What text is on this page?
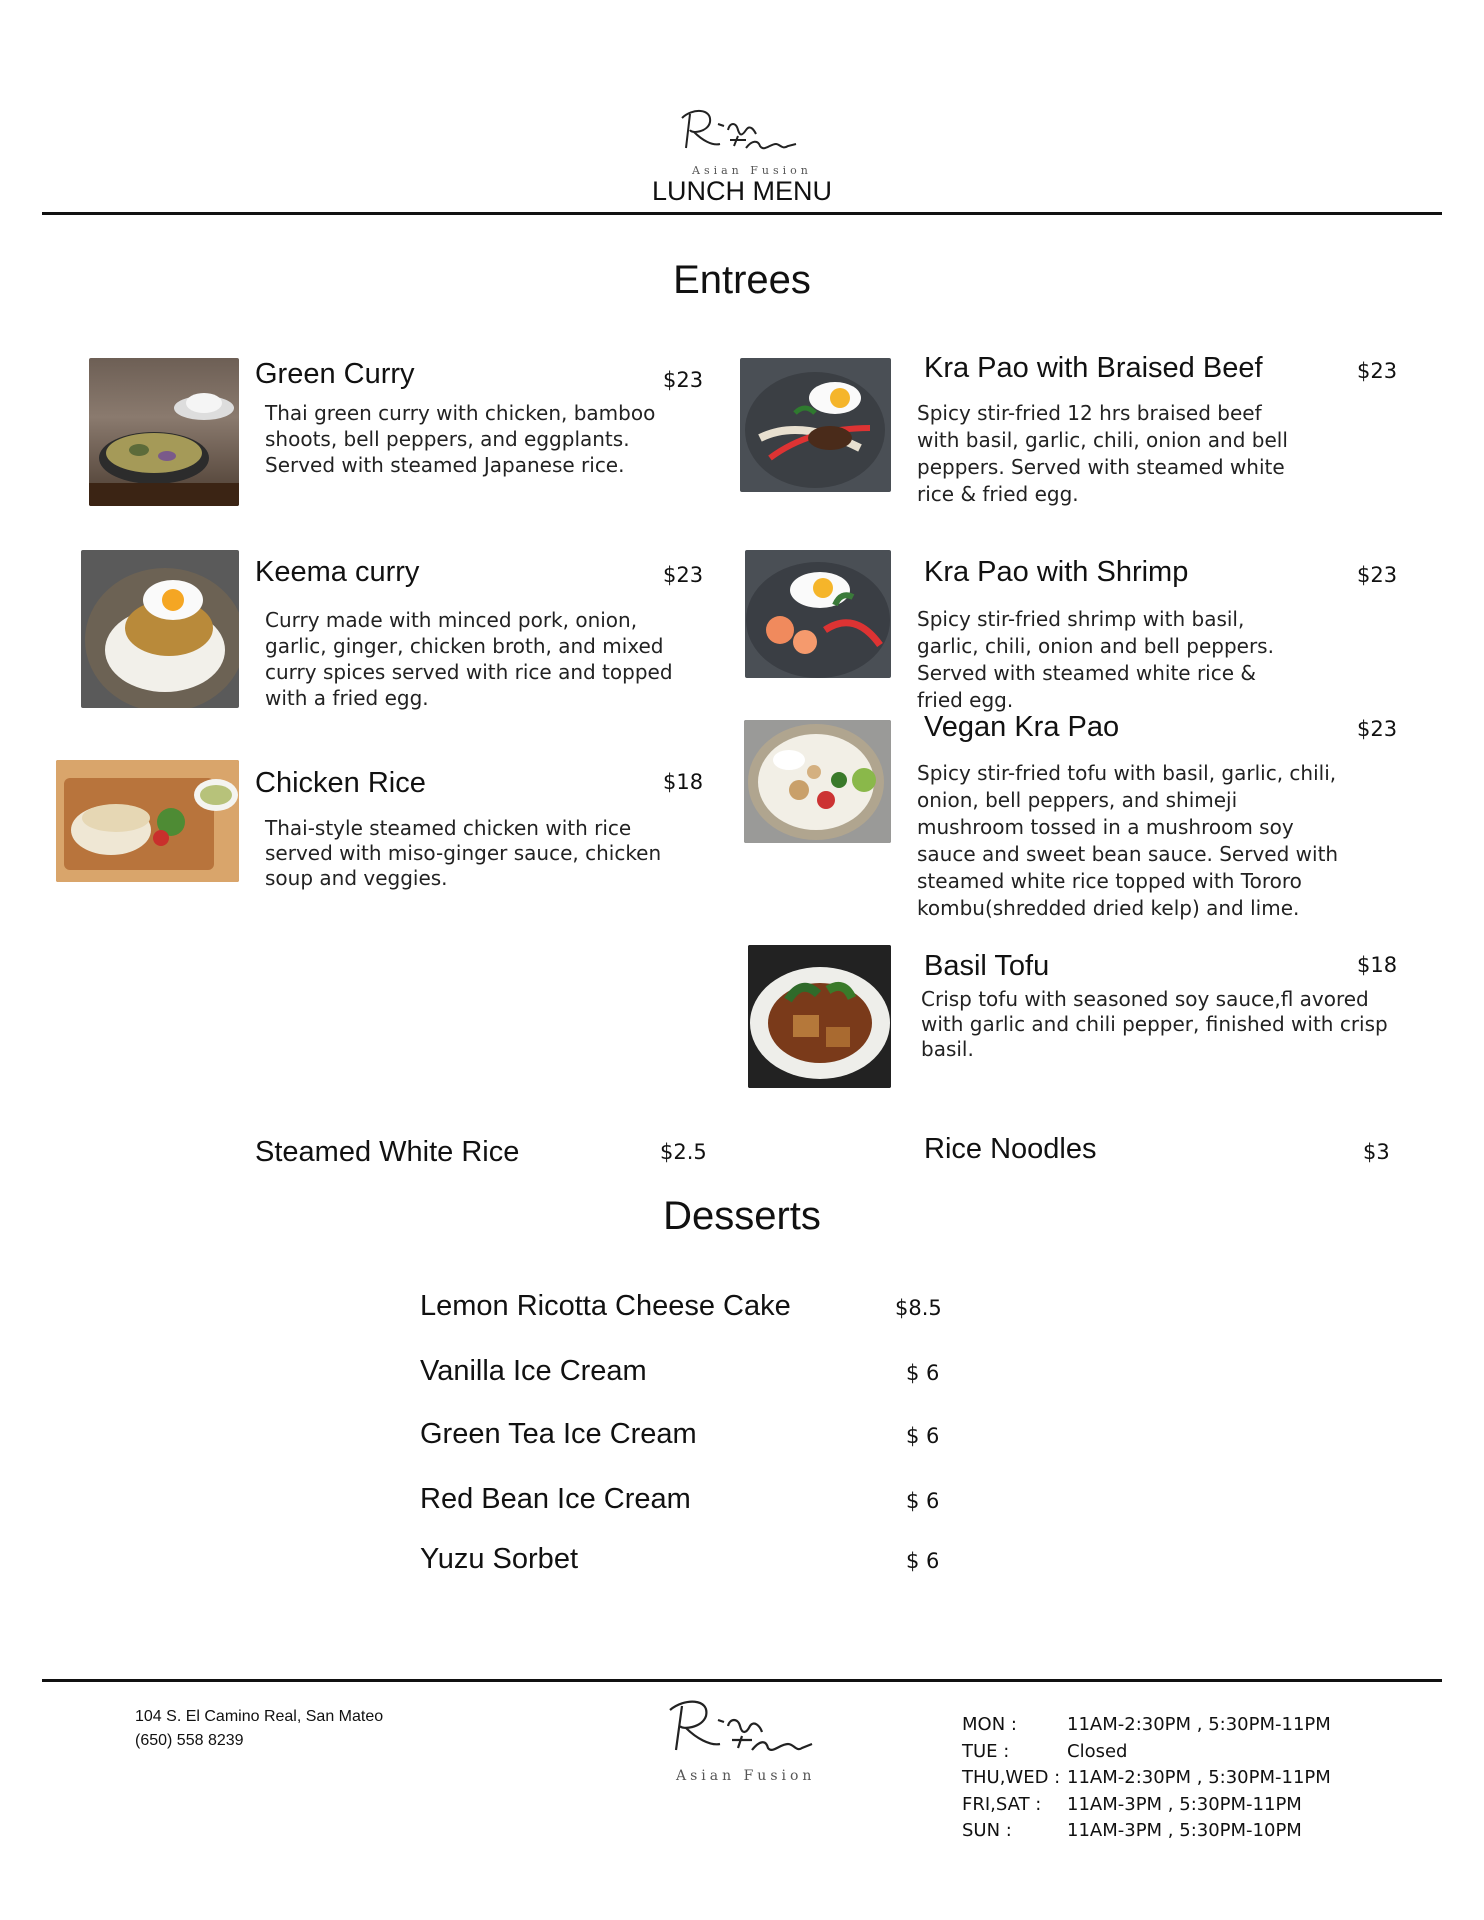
Asian Fusion
LUNCH MENU
Entrees
Green Curry	$23
Thai green curry with chicken, bamboo shoots, bell peppers, and eggplants. Served with steamed Japanese rice.
Keema curry	$23
Curry made with minced pork, onion, garlic, ginger, chicken broth, and mixed curry spices served with rice and topped with a fried egg.
Chicken Rice	$18
Thai-style steamed chicken with rice served with miso-ginger sauce, chicken soup and veggies.
Kra Pao with Braised Beef	$23
Spicy stir-fried 12 hrs braised beef with basil, garlic, chili, onion and bell peppers. Served with steamed white rice & fried egg.
Kra Pao with Shrimp	$23
Spicy stir-fried shrimp with basil, garlic, chili, onion and bell peppers. Served with steamed white rice & fried egg.
Vegan Kra Pao	$23
Spicy stir-fried tofu with basil, garlic, chili, onion, bell peppers, and shimeji mushroom tossed in a mushroom soy sauce and sweet bean sauce. Served with steamed white rice topped with Tororo kombu(shredded dried kelp) and lime.
Basil Tofu	$18
Crisp tofu with seasoned soy sauce,ﬂ avored with garlic and chili pepper, finished with crisp basil.
Steamed White Rice	$2.5	Rice Noodles	$3
Desserts
Lemon Ricotta Cheese Cake	$8.5
Vanilla Ice Cream	$ 6
Green Tea Ice Cream	$ 6
Red Bean Ice Cream	$ 6
Yuzu Sorbet	$ 6
104 S. El Camino Real, San Mateo
(650) 558 8239
Asian Fusion
MON :	11AM-2:30PM , 5:30PM-11PM
TUE :	Closed
THU,WED : 11AM-2:30PM , 5:30PM-11PM
FRI,SAT : 11AM-3PM , 5:30PM-11PM
SUN :	11AM-3PM , 5:30PM-10PM
